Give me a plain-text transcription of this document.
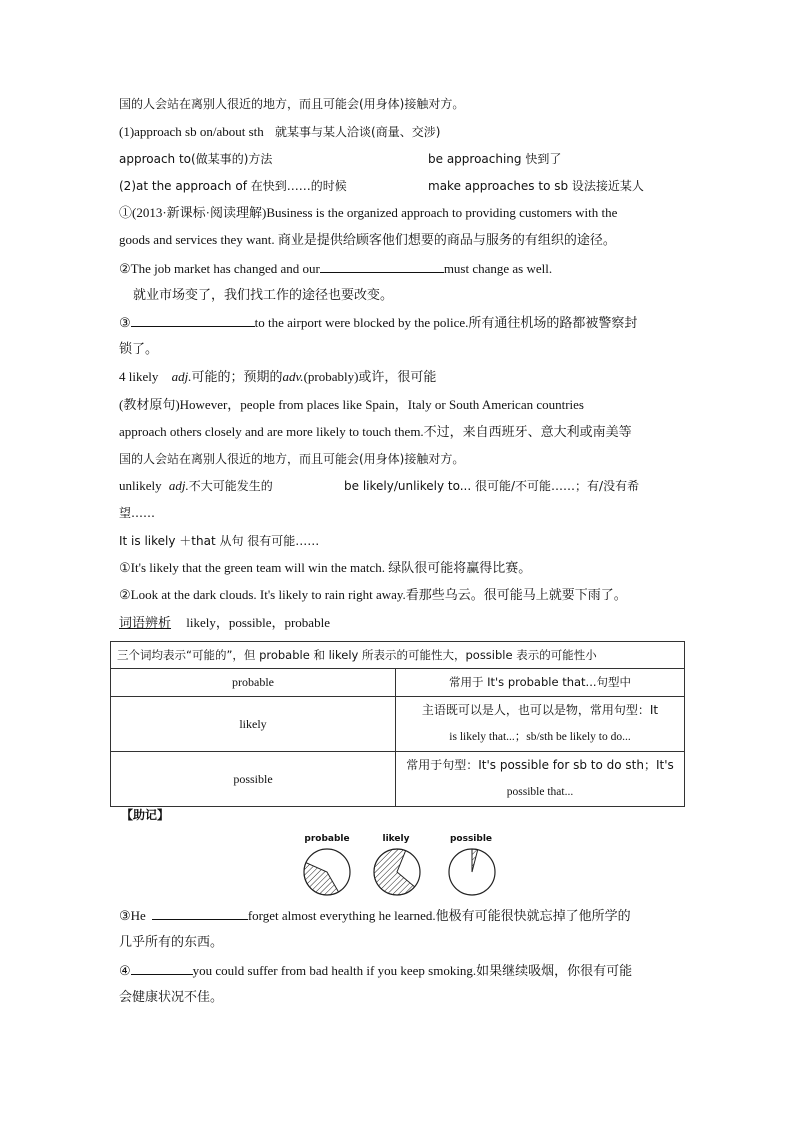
国的人会站在离别人很近的地方，而且可能会(用身体)接触对方。
(1)approach sb on/about sth 就某事与某人洽谈(商量、交涉)
approach to(做某事的)方法	be approaching 快到了
(2)at the approach of 在快到……的时候	make approaches to sb 设法接近某人
①(2013·新课标·阅读理解)Business is the organized approach to providing customers with the
goods and services they want. 商业是提供给顾客他们想要的商品与服务的有组织的途径。
②The job market has changed and our	must change as well.
就业市场变了，我们找工作的途径也要改变。
③	to the airport were blocked by the police.所有通往机场的路都被警察封
锁了。
4 likely adj.可能的；预期的adv.(probably)或许，很可能
(教材原句)However，people from places like Spain，Italy or South American countries
approach others closely and are more likely to touch them.不过，来自西班牙、意大利或南美等
国的人会站在离别人很近的地方，而且可能会(用身体)接触对方。
unlikely adj.不大可能发生的	be likely/unlikely to... 很可能/不可能……；有/没有希
望……
It is likely ＋that 从句 很有可能……
①It's likely that the green team will win the match. 绿队很可能将赢得比赛。
②Look at the dark clouds. It's likely to rain right away.看那些乌云。很可能马上就要下雨了。
词语辨析 likely，possible，probable
三个词均表示“可能的”，但 probable 和 likely 所表示的可能性大，possible 表示的可能性小	
probable	常用于 It's probable that...句型中
likely	主语既可以是人，也可以是物，常用句型：It
is likely that...；sb/sth be likely to do...

possible	常用于句型：It's possible for sb to do sth；It's
possible that...
【助记】
probable	likely	possible
③He	forget almost everything he learned.他极有可能很快就忘掉了他所学的
几乎所有的东西。
④	you could suffer from bad health if you keep smoking.如果继续吸烟，你很有可能
会健康状况不佳。
